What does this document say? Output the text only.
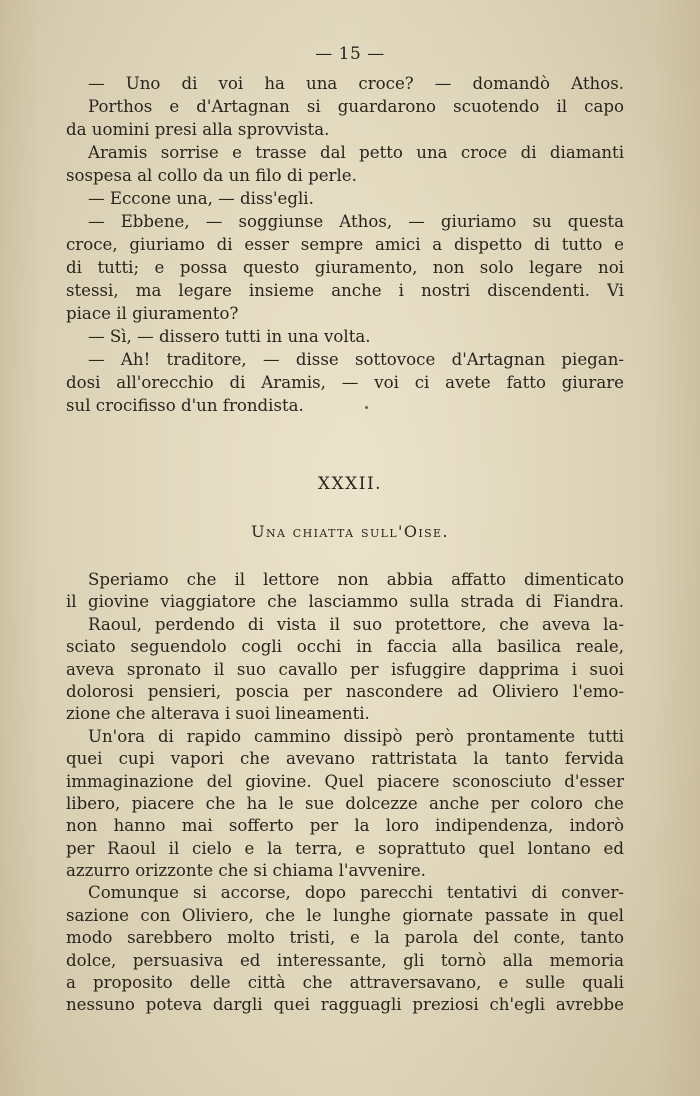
— 15 —
— Uno di voi ha una croce? — domandò Athos.
Porthos e d'Artagnan si guardarono scuotendo il capo
da uomini presi alla sprovvista.
Aramis sorrise e trasse dal petto una croce di diamanti
sospesa al collo da un filo di perle.
— Eccone una, — diss'egli.
— Ebbene, — soggiunse Athos, — giuriamo su questa
croce, giuriamo di esser sempre amici a dispetto di tutto e
di tutti; e possa questo giuramento, non solo legare noi
stessi, ma legare insieme anche i nostri discendenti. Vi
piace il giuramento?
— Sì, — dissero tutti in una volta.
— Ah! traditore, — disse sottovoce d'Artagnan piegan-
dosi all'orecchio di Aramis, — voi ci avete fatto giurare
sul crocifisso d'un frondista.
XXXII.
Una chiatta sull'Oise.
Speriamo che il lettore non abbia affatto dimenticato
il giovine viaggiatore che lasciammo sulla strada di Fiandra.
Raoul, perdendo di vista il suo protettore, che aveva la-
sciato seguendolo cogli occhi in faccia alla basilica reale,
aveva spronato il suo cavallo per isfuggire dapprima i suoi
dolorosi pensieri, poscia per nascondere ad Oliviero l'emo-
zione che alterava i suoi lineamenti.
Un'ora di rapido cammino dissipò però prontamente tutti
quei cupi vapori che avevano rattristata la tanto fervida
immaginazione del giovine. Quel piacere sconosciuto d'esser
libero, piacere che ha le sue dolcezze anche per coloro che
non hanno mai sofferto per la loro indipendenza, indorò
per Raoul il cielo e la terra, e soprattuto quel lontano ed
azzurro orizzonte che si chiama l'avvenire.
Comunque si accorse, dopo parecchi tentativi di conver-
sazione con Oliviero, che le lunghe giornate passate in quel
modo sarebbero molto tristi, e la parola del conte, tanto
dolce, persuasiva ed interessante, gli tornò alla memoria
a proposito delle città che attraversavano, e sulle quali
nessuno poteva dargli quei ragguagli preziosi ch'egli avrebbe
